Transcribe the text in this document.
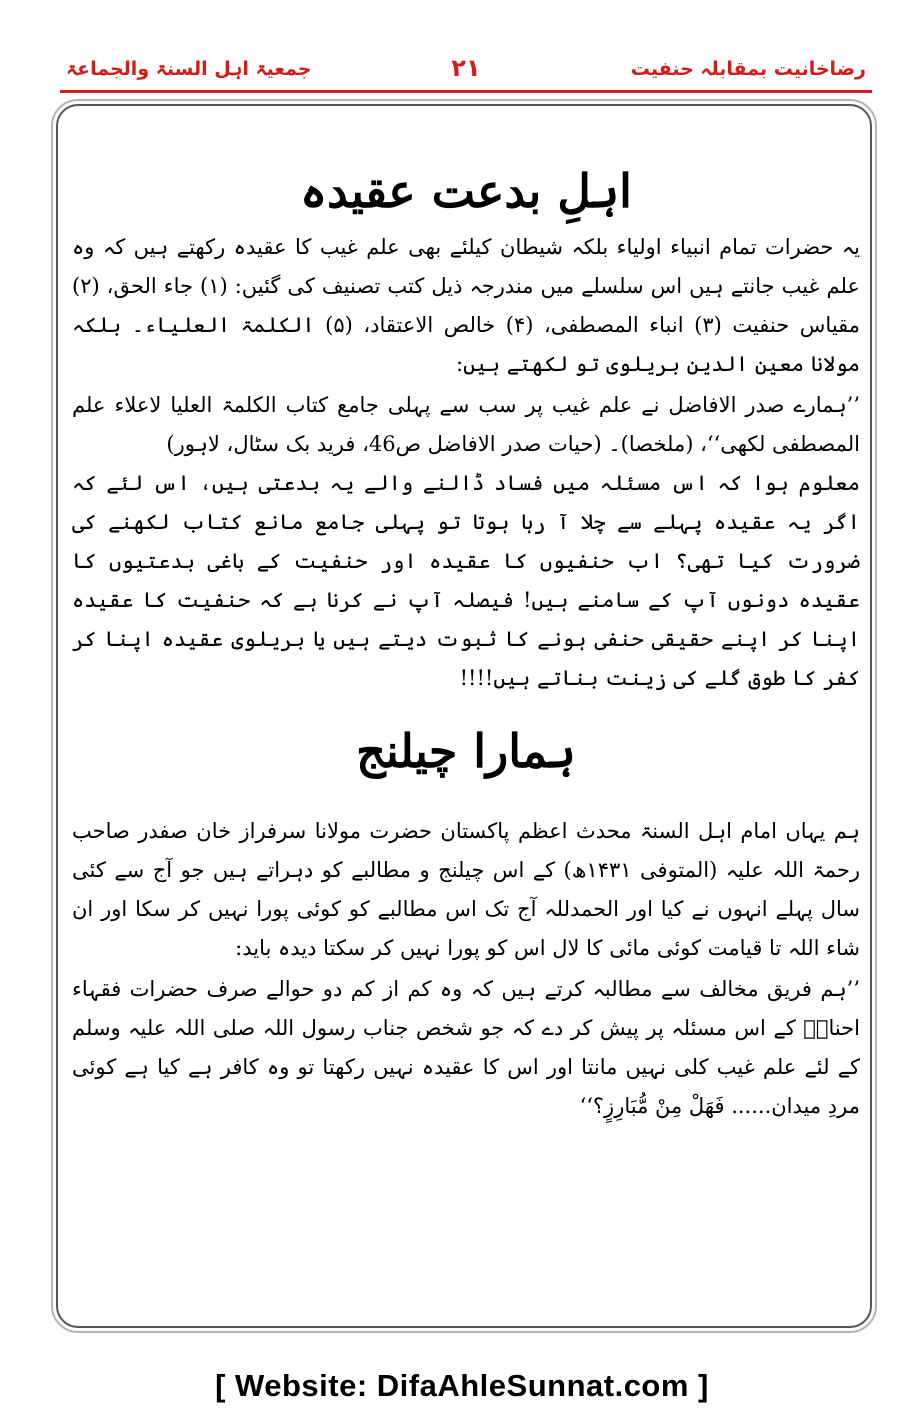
جمعیۃ اہل السنۃ والجماعۃ	۲۱	رضاخانیت بمقابلہ حنفیت
اہلِ بدعت عقیدہ

یہ حضرات تمام انبیاء اولیاء بلکہ شیطان کیلئے بھی علم غیب کا عقیدہ رکھتے ہیں کہ وہ علم غیب جانتے ہیں اس سلسلے میں مندرجہ ذیل کتب تصنیف کی گئیں: (۱) جاء الحق، (۲) مقیاس حنفیت (۳) انباء المصطفی، (۴) خالص الاعتقاد، (۵) الکلمۃ العلیاء۔ بلکہ مولانا معین الدین بریلوی تو لکھتے ہیں:

’’ہمارے صدر الافاضل نے علم غیب پر سب سے پہلی جامع کتاب الکلمۃ العلیا لاعلاء علم المصطفی لکھی‘‘، (ملخصا)۔ (حیات صدر الافاضل ص46، فرید بک سٹال، لاہور)

معلوم ہوا کہ اس مسئلہ میں فساد ڈالنے والے یہ بدعتی ہیں، اس لئے کہ اگر یہ عقیدہ پہلے سے چلا آ رہا ہوتا تو پہلی جامع مانع کتاب لکھنے کی ضرورت کیا تھی؟ اب حنفیوں کا عقیدہ اور حنفیت کے باغی بدعتیوں کا عقیدہ دونوں آپ کے سامنے ہیں! فیصلہ آپ نے کرنا ہے کہ حنفیت کا عقیدہ اپنا کر اپنے حقیقی حنفی ہونے کا ثبوت دیتے ہیں یا بریلوی عقیدہ اپنا کر کفر کا طوق گلے کی زینت بناتے ہیں!!!!

ہمارا چیلنج

ہم یہاں امام اہل السنۃ محدث اعظم پاکستان حضرت مولانا سرفراز خان صفدر صاحب رحمۃ اللہ علیہ (المتوفی ۱۴۳۱ھ) کے اس چیلنج و مطالبے کو دہراتے ہیں جو آج سے کئی سال پہلے انہوں نے کیا اور الحمدللہ آج تک اس مطالبے کو کوئی پورا نہیں کر سکا اور ان شاء اللہ تا قیامت کوئی مائی کا لال اس کو پورا نہیں کر سکتا دیدہ باید:

’’ہم فریق مخالف سے مطالبہ کرتے ہیں کہ وہ کم از کم دو حوالے صرف حضرات فقہاء احنافؒ کے اس مسئلہ پر پیش کر دے کہ جو شخص جناب رسول اللہ صلی اللہ علیہ وسلم کے لئے علم غیب کلی نہیں مانتا اور اس کا عقیدہ نہیں رکھتا تو وہ کافر ہے کیا ہے کوئی مردِ میدان...... فَھَلْ مِنْ مُّبَارِزٍ؟‘‘

[ Website: DifaAhleSunnat.com ]
